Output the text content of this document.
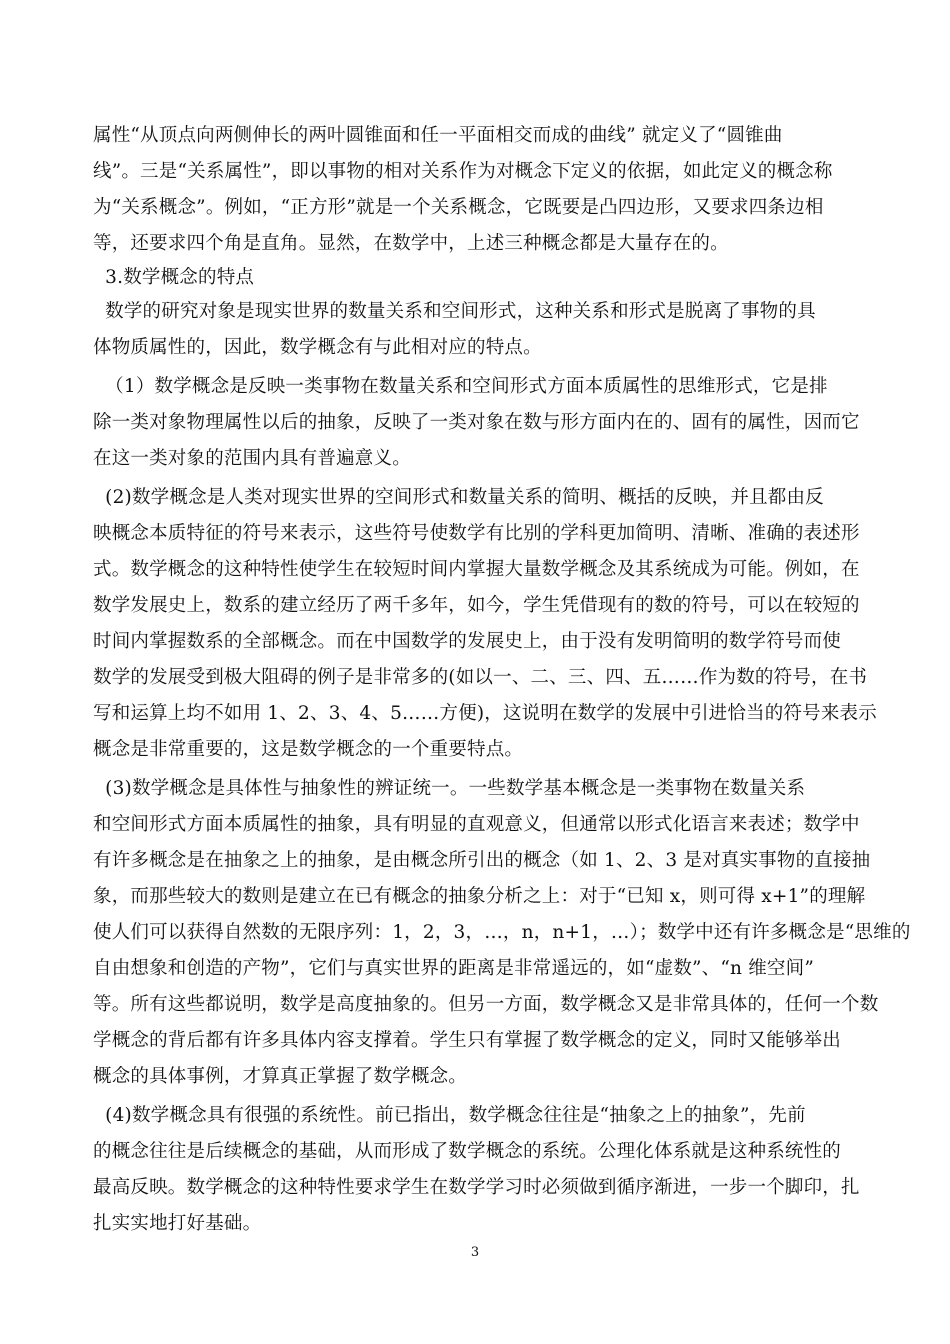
属性“从顶点向两侧伸长的两叶圆锥面和任一平面相交而成的曲线” 就定义了“圆锥曲
线”。三是“关系属性”，即以事物的相对关系作为对概念下定义的依据，如此定义的概念称
为“关系概念”。例如，“正方形”就是一个关系概念，它既要是凸四边形，又要求四条边相
等，还要求四个角是直角。显然，在数学中，上述三种概念都是大量存在的。
3.数学概念的特点
数学的研究对象是现实世界的数量关系和空间形式，这种关系和形式是脱离了事物的具
体物质属性的，因此，数学概念有与此相对应的特点。
（1）数学概念是反映一类事物在数量关系和空间形式方面本质属性的思维形式，它是排
除一类对象物理属性以后的抽象，反映了一类对象在数与形方面内在的、固有的属性，因而它
在这一类对象的范围内具有普遍意义。
(2)数学概念是人类对现实世界的空间形式和数量关系的简明、概括的反映，并且都由反
映概念本质特征的符号来表示，这些符号使数学有比别的学科更加简明、清晰、准确的表述形
式。数学概念的这种特性使学生在较短时间内掌握大量数学概念及其系统成为可能。例如，在
数学发展史上，数系的建立经历了两千多年，如今，学生凭借现有的数的符号，可以在较短的
时间内掌握数系的全部概念。而在中国数学的发展史上，由于没有发明简明的数学符号而使
数学的发展受到极大阻碍的例子是非常多的(如以一、二、三、四、五……作为数的符号，在书
写和运算上均不如用 1、2、3、4、5……方便)，这说明在数学的发展中引进恰当的符号来表示
概念是非常重要的，这是数学概念的一个重要特点。
(3)数学概念是具体性与抽象性的辨证统一。一些数学基本概念是一类事物在数量关系
和空间形式方面本质属性的抽象，具有明显的直观意义，但通常以形式化语言来表述；数学中
有许多概念是在抽象之上的抽象，是由概念所引出的概念（如 1、2、3 是对真实事物的直接抽
象，而那些较大的数则是建立在已有概念的抽象分析之上：对于“已知 x，则可得 x+1”的理解
使人们可以获得自然数的无限序列：1，2，3，…，n，n+1，…）；数学中还有许多概念是“思维的
自由想象和创造的产物”，它们与真实世界的距离是非常遥远的，如“虚数”、“n 维空间”
等。所有这些都说明，数学是高度抽象的。但另一方面，数学概念又是非常具体的，任何一个数
学概念的背后都有许多具体内容支撑着。学生只有掌握了数学概念的定义，同时又能够举出
概念的具体事例，才算真正掌握了数学概念。
(4)数学概念具有很强的系统性。前已指出，数学概念往往是“抽象之上的抽象”，先前
的概念往往是后续概念的基础，从而形成了数学概念的系统。公理化体系就是这种系统性的
最高反映。数学概念的这种特性要求学生在数学学习时必须做到循序渐进，一步一个脚印，扎
扎实实地打好基础。
3
